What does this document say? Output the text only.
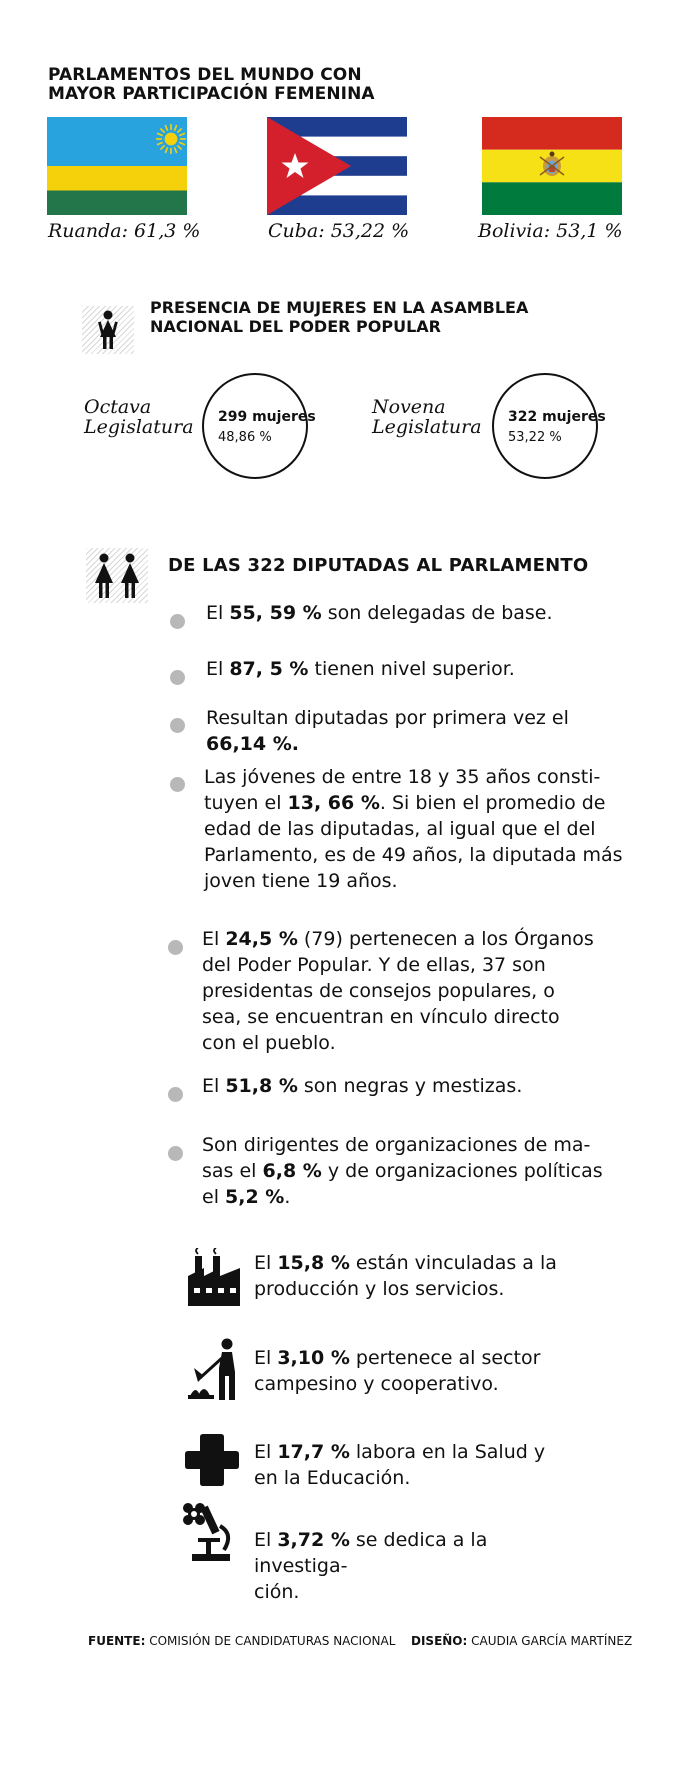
PARLAMENTOS DEL MUNDO CON
MAYOR PARTICIPACIÓN FEMENINA
Ruanda: 61,3 %	Cuba: 53,22 %	Bolivia: 53,1 %
PRESENCIA DE MUJERES EN LA ASAMBLEA
NACIONAL DEL PODER POPULAR
Octava
Legislatura 299 mujeres
48,86 %
Novena
Legislatura 322 mujeres
53,22 %
DE LAS 322 DIPUTADAS AL PARLAMENTO
El 55, 59 % son delegadas de base.
El 87, 5 % tienen nivel superior.
Resultan diputadas por primera vez el
66,14 %.
Las jóvenes de entre 18 y 35 años consti-
tuyen el 13, 66 %. Si bien el promedio de
edad de las diputadas, al igual que el del
Parlamento, es de 49 años, la diputada más
joven tiene 19 años.
El 24,5 % (79) pertenecen a los Órganos
del Poder Popular. Y de ellas, 37 son
presidentas de consejos populares, o
sea, se encuentran en vínculo directo
con el pueblo.
El 51,8 % son negras y mestizas.
Son dirigentes de organizaciones de ma-
sas el 6,8 % y de organizaciones políticas
el 5,2 %.
El 15,8 % están vinculadas a la
producción y los servicios.
El 3,10 % pertenece al sector
campesino y cooperativo.
El 17,7 % labora en la Salud y
en la Educación.
El 3,72 % se dedica a la investiga-
ción.
FUENTE: COMISIÓN DE CANDIDATURAS NACIONAL DISEÑO: CAUDIA GARCÍA MARTÍNEZ
